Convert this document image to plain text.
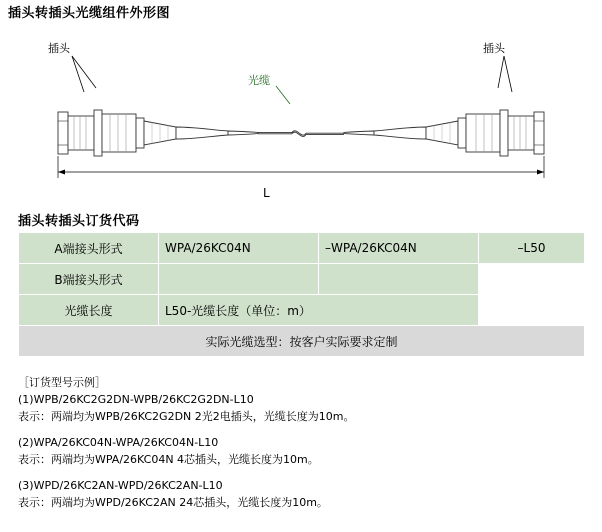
插头转插头光缆组件外形图
插头
光缆
插头
L
插头转插头订货代码
A端接头形式	WPA/26KC04N	–WPA/26KC04N	–L50
B端接头形式			
光缆长度	L50-光缆长度（单位：m）		
实际光缆选型：按客户实际要求定制			
［订货型号示例］
(1)WPB/26KC2G2DN-WPB/26KC2G2DN-L10
表示：两端均为WPB/26KC2G2DN 2光2电插头，光缆长度为10m。
(2)WPA/26KC04N-WPA/26KC04N-L10
表示：两端均为WPA/26KC04N 4芯插头，光缆长度为10m。
(3)WPD/26KC2AN-WPD/26KC2AN-L10
表示：两端均为WPD/26KC2AN 24芯插头，光缆长度为10m。
